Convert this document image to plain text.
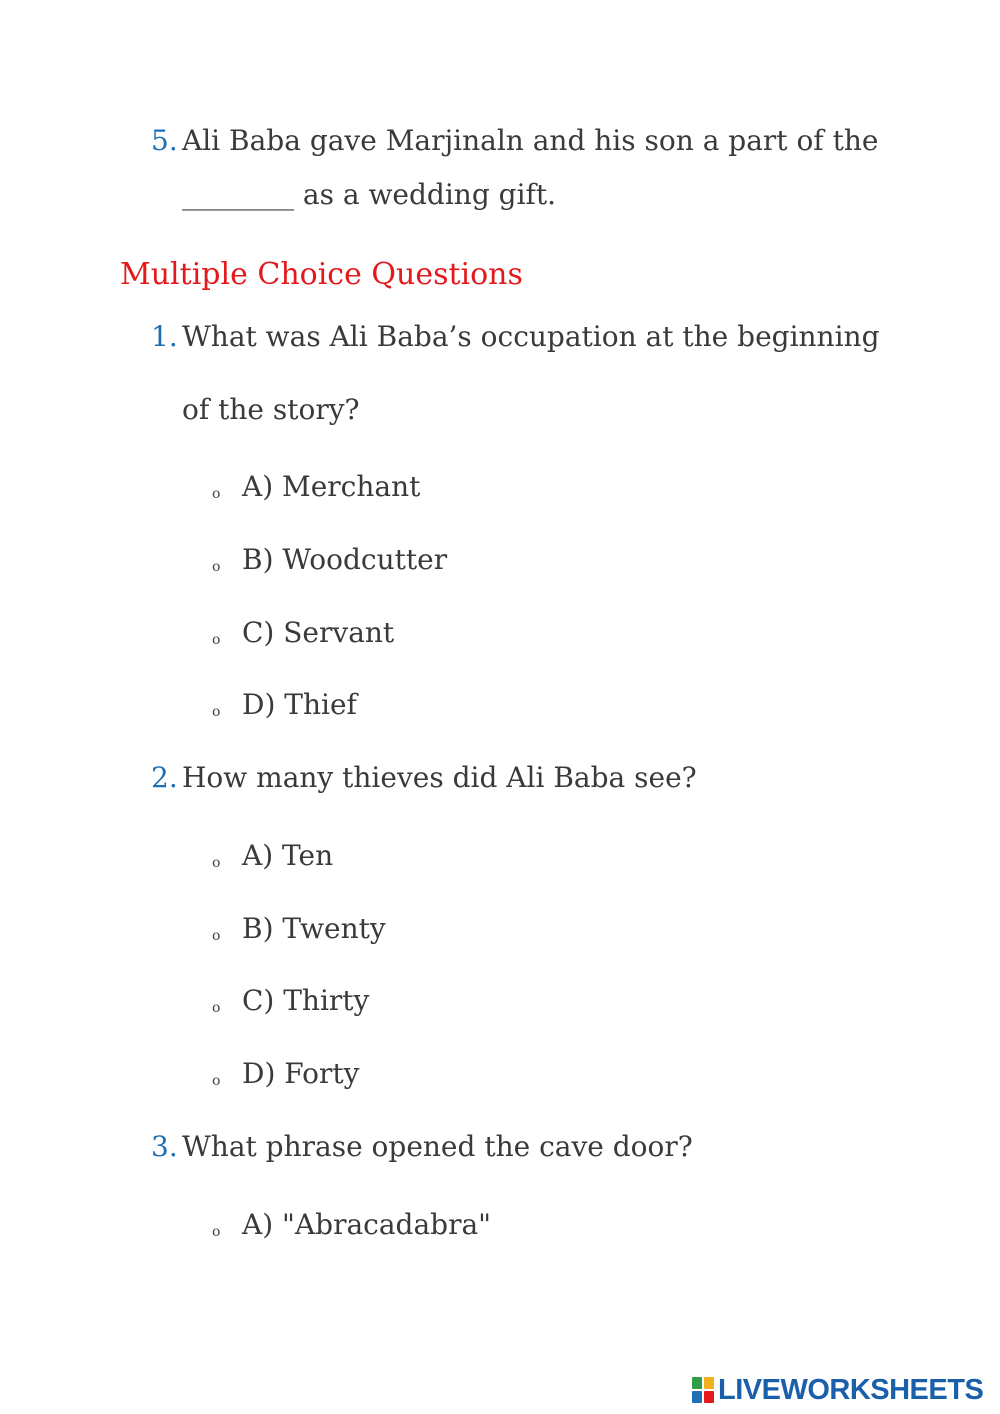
5. Ali Baba gave Marjinaln and his son a part of the
________ as a wedding gift.
Multiple Choice Questions
1. What was Ali Baba’s occupation at the beginning
of the story?
o A) Merchant
o B) Woodcutter
o C) Servant
o D) Thief
2. How many thieves did Ali Baba see?
o A) Ten
o B) Twenty
o C) Thirty
o D) Forty
3. What phrase opened the cave door?
o A) "Abracadabra"
LIVEWORKSHEETS
